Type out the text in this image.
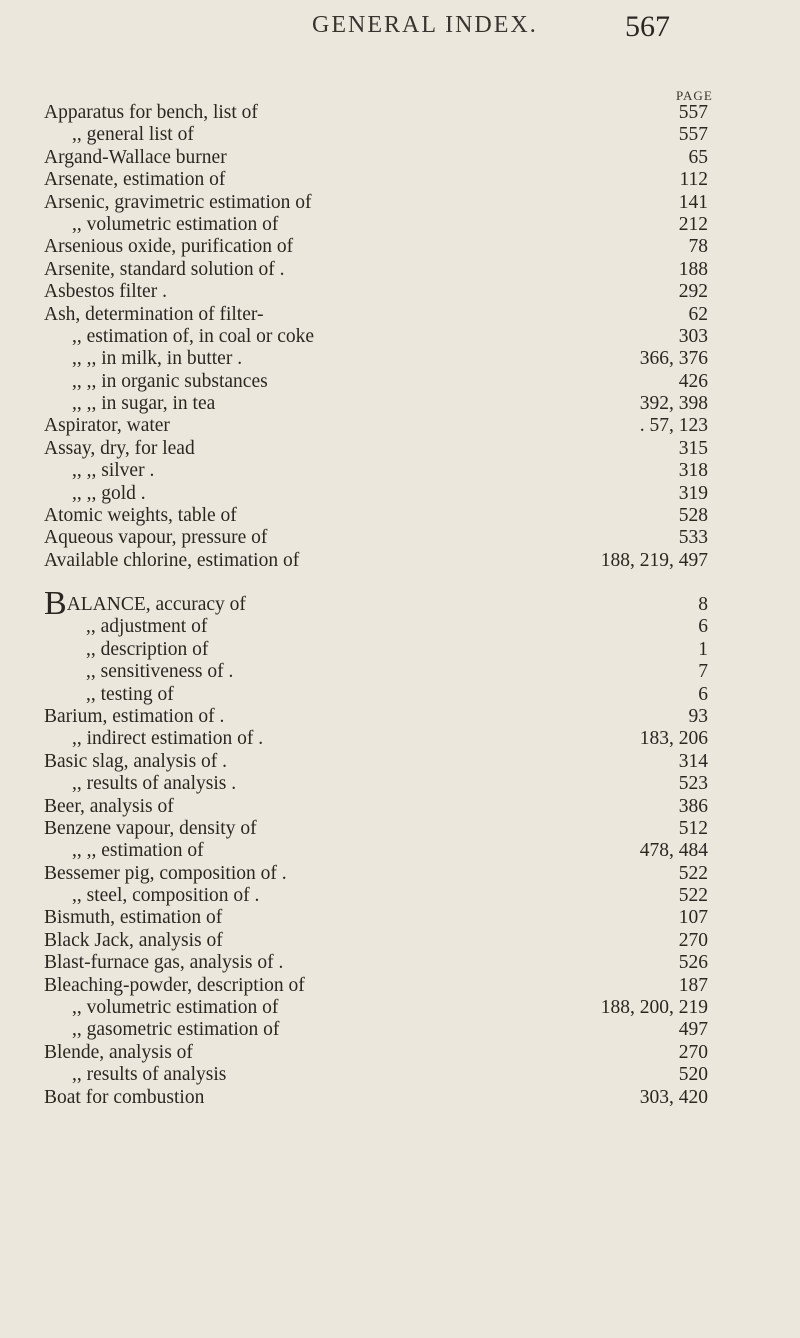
GENERAL INDEX.	567
PAGE
Apparatus for bench, list of	557
,, general list of	557
Argand-Wallace burner	65
Arsenate, estimation of	112
Arsenic, gravimetric estimation of	141
,, volumetric estimation of	212
Arsenious oxide, purification of	78
Arsenite, standard solution of .	188
Asbestos filter .	292
Ash, determination of filter-	62
,, estimation of, in coal or coke	303
,, ,, in milk, in butter .	366, 376
,, ,, in organic substances	426
,, ,, in sugar, in tea	392, 398
Aspirator, water	. 57, 123
Assay, dry, for lead	315
,, ,, silver .	318
,, ,, gold .	319
Atomic weights, table of	528
Aqueous vapour, pressure of	533
Available chlorine, estimation of	188, 219, 497
BALANCE, accuracy of	8
,, adjustment of	6
,, description of	1
,, sensitiveness of .	7
,, testing of	6
Barium, estimation of .	93
,, indirect estimation of .	183, 206
Basic slag, analysis of .	314
,, results of analysis .	523
Beer, analysis of	386
Benzene vapour, density of	512
,, ,, estimation of	478, 484
Bessemer pig, composition of .	522
,, steel, composition of .	522
Bismuth, estimation of	107
Black Jack, analysis of	270
Blast-furnace gas, analysis of .	526
Bleaching-powder, description of	187
,, volumetric estimation of	188, 200, 219
,, gasometric estimation of	497
Blende, analysis of	270
,, results of analysis	520
Boat for combustion	303, 420
